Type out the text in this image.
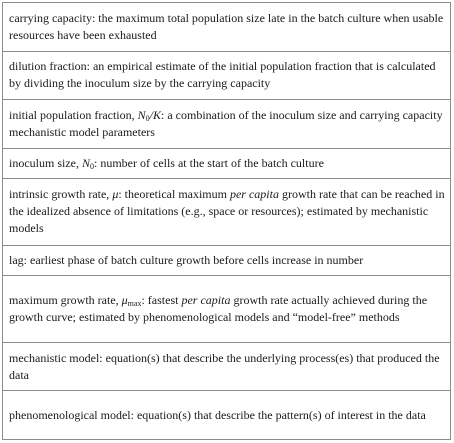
carrying capacity: the maximum total population size late in the batch culture when usable resources have been exhausted
dilution fraction: an empirical estimate of the initial population fraction that is calculated by dividing the inoculum size by the carrying capacity
initial population fraction, $N_0/K$: a combination of the inoculum size and carrying capacity mechanistic model parameters
inoculum size, $N_0$: number of cells at the start of the batch culture
intrinsic growth rate, μ: theoretical maximum per capita growth rate that can be reached in the idealized absence of limitations (e.g., space or resources); estimated by mechanistic models
lag: earliest phase of batch culture growth before cells increase in number
maximum growth rate, $\mu_{max}$: fastest per capita growth rate actually achieved during the growth curve; estimated by phenomenological models and “model-free” methods
mechanistic model: equation(s) that describe the underlying process(es) that produced the data
phenomenological model: equation(s) that describe the pattern(s) of interest in the data
